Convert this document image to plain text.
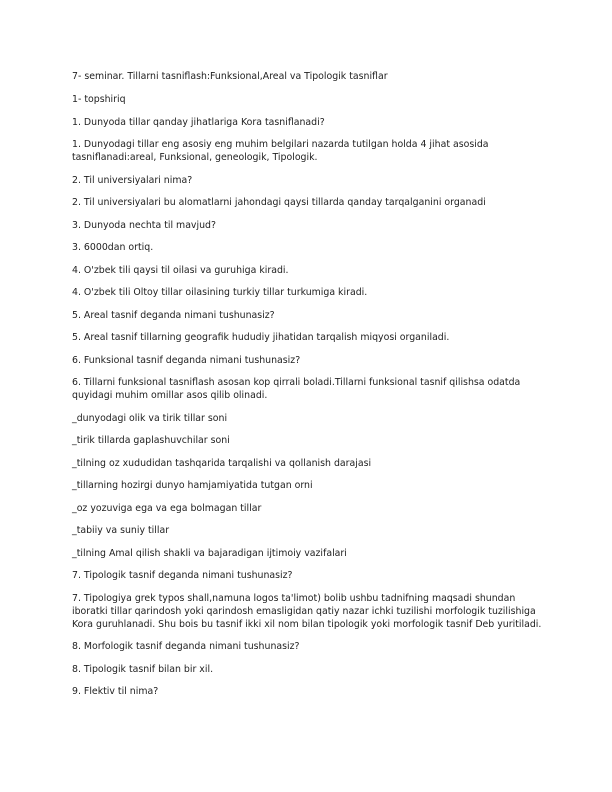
7- seminar. Tillarni tasniflash:Funksional,Areal va Tipologik tasniflar
1- topshiriq
1. Dunyoda tillar qanday jihatlariga Kora tasniflanadi?
1. Dunyodagi tillar eng asosiy eng muhim belgilari nazarda tutilgan holda 4 jihat asosida tasniflanadi:areal, Funksional, geneologik, Tipologik.
2. Til universiyalari nima?
2. Til universiyalari bu alomatlarni jahondagi qaysi tillarda qanday tarqalganini organadi
3. Dunyoda nechta til mavjud?
3. 6000dan ortiq.
4. O'zbek tili qaysi til oilasi va guruhiga kiradi.
4. O'zbek tili Oltoy tillar oilasining turkiy tillar turkumiga kiradi.
5. Areal tasnif deganda nimani tushunasiz?
5. Areal tasnif tillarning geografik hududiy jihatidan tarqalish miqyosi organiladi.
6. Funksional tasnif deganda nimani tushunasiz?
6. Tillarni funksional tasniflash asosan kop qirrali boladi.Tillarni funksional tasnif qilishsa odatda quyidagi muhim omillar asos qilib olinadi.
_dunyodagi olik va tirik tillar soni
_tirik tillarda gaplashuvchilar soni
_tilning oz xududidan tashqarida tarqalishi va qollanish darajasi
_tillarning hozirgi dunyo hamjamiyatida tutgan orni
_oz yozuviga ega va ega bolmagan tillar
_tabiiy va suniy tillar
_tilning Amal qilish shakli va bajaradigan ijtimoiy vazifalari
7. Tipologik tasnif deganda nimani tushunasiz?
7. Tipologiya grek typos shall,namuna logos ta'limot) bolib ushbu tadnifning maqsadi shundan iboratki tillar qarindosh yoki qarindosh emasligidan qatiy nazar ichki tuzilishi morfologik tuzilishiga Kora guruhlanadi. Shu bois bu tasnif ikki xil nom bilan tipologik yoki morfologik tasnif Deb yuritiladi.
8. Morfologik tasnif deganda nimani tushunasiz?
8. Tipologik tasnif bilan bir xil.
9. Flektiv til nima?
